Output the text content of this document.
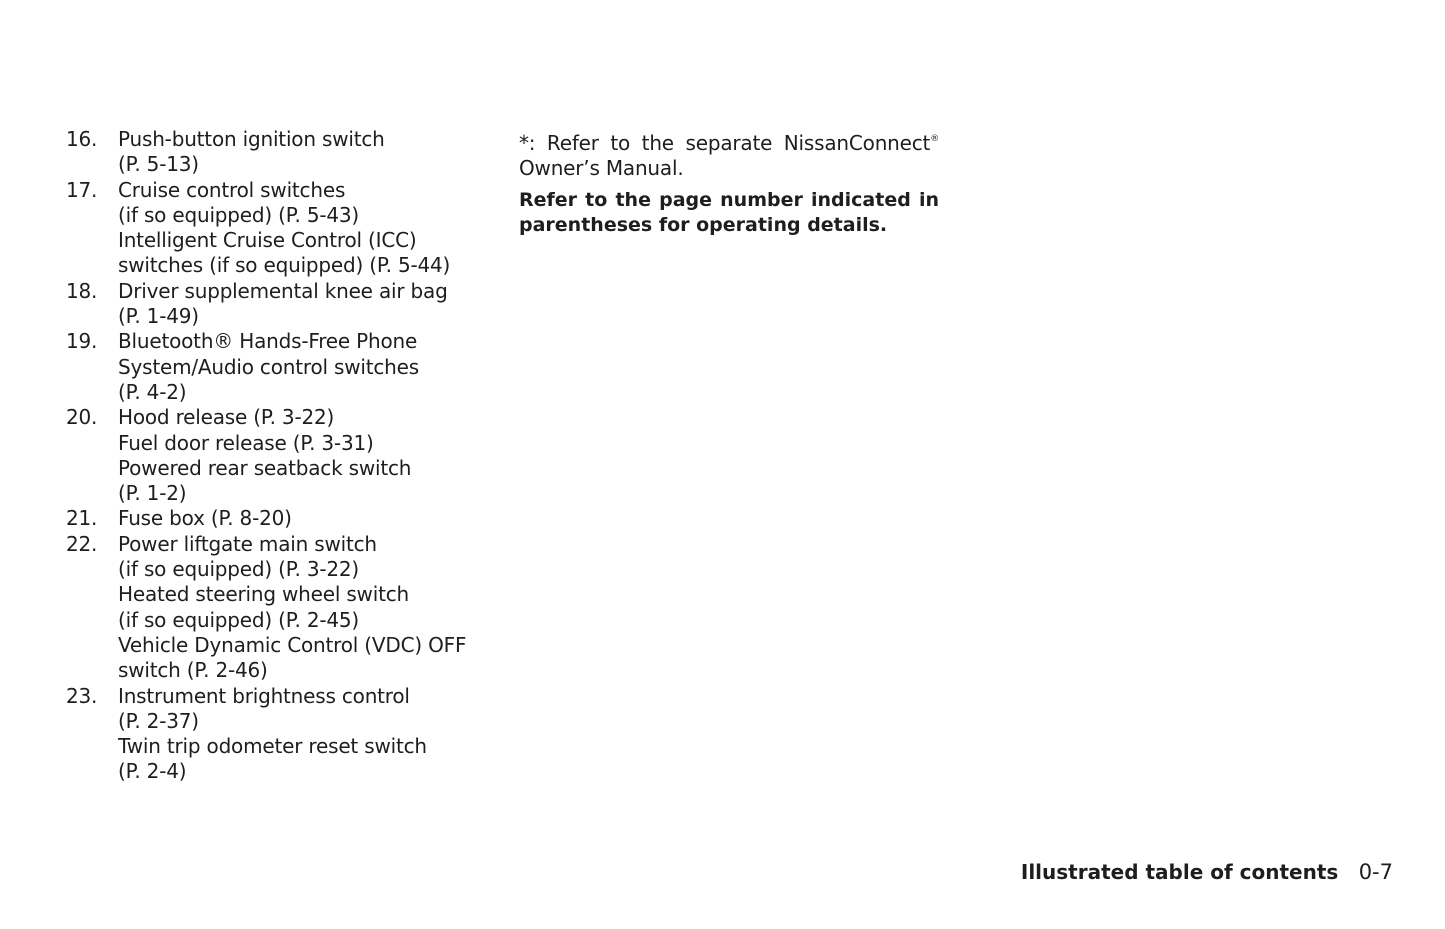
16.	Push-button ignition switch
(P. 5-13)
17.	Cruise control switches
(if so equipped) (P. 5-43)
Intelligent Cruise Control (ICC)
switches (if so equipped) (P. 5-44)
18.	Driver supplemental knee air bag
(P. 1-49)
19.	Bluetooth® Hands-Free Phone
System/Audio control switches
(P. 4-2)
20.	Hood release (P. 3-22)
Fuel door release (P. 3-31)
Powered rear seatback switch
(P. 1-2)
21.	Fuse box (P. 8-20)
22.	Power liftgate main switch
(if so equipped) (P. 3-22)
Heated steering wheel switch
(if so equipped) (P. 2-45)
Vehicle Dynamic Control (VDC) OFF
switch (P. 2-46)
23.	Instrument brightness control
(P. 2-37)
Twin trip odometer reset switch
(P. 2-4)
*: Refer to the separate NissanConnect®
Owner’s Manual.
Refer to the page number indicated in parentheses for operating details.
Illustrated table of contents 0-7
